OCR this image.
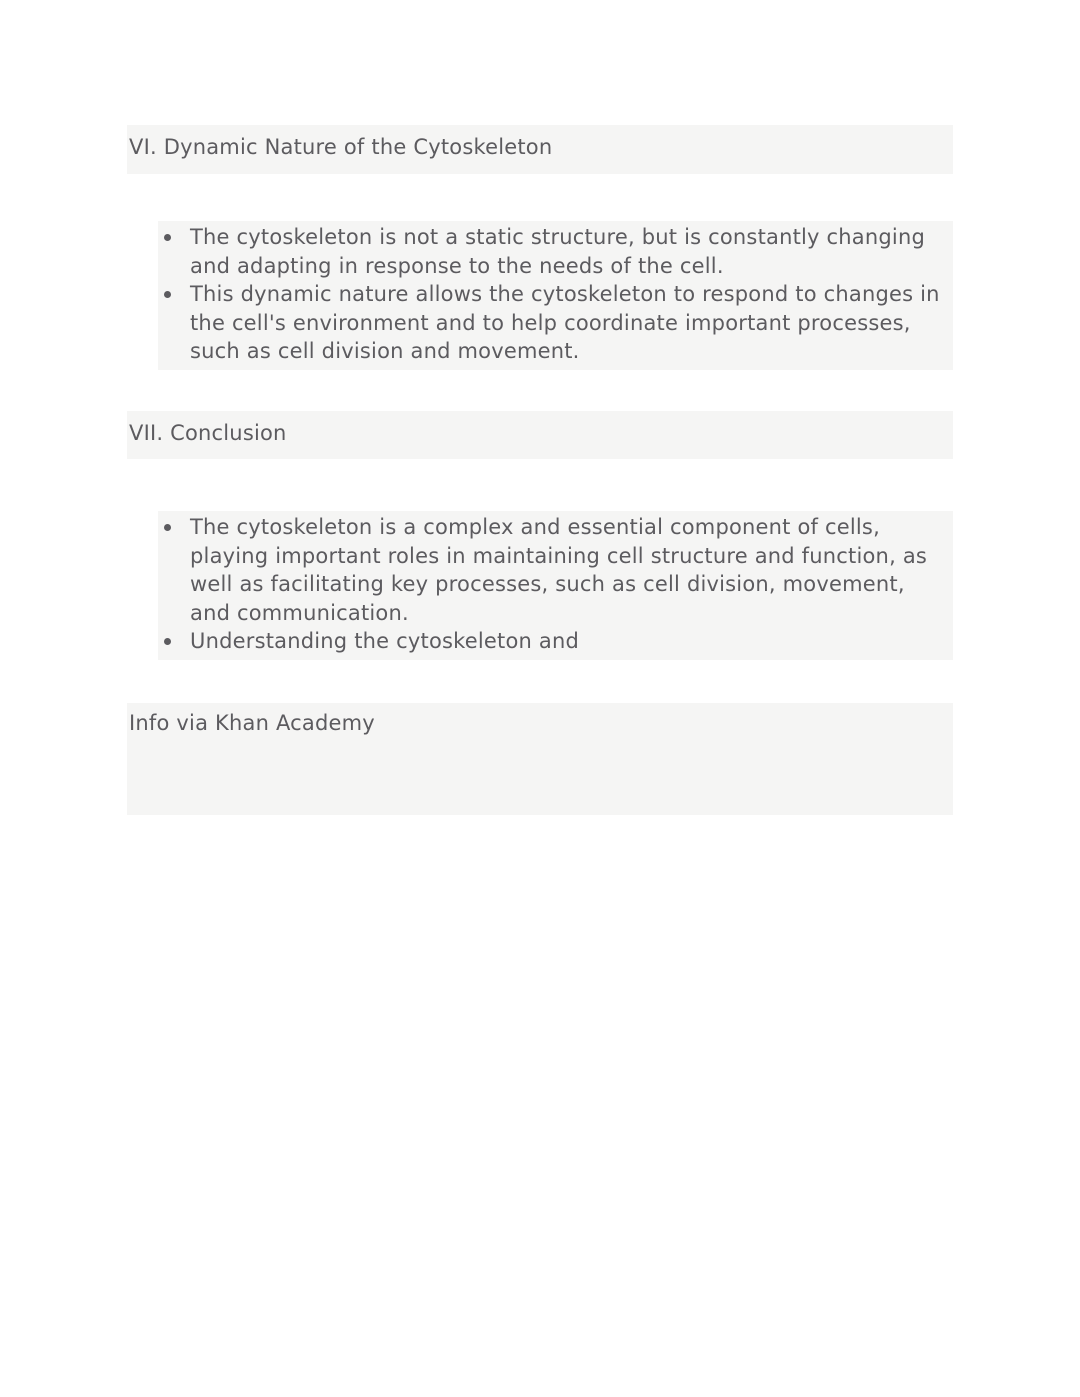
VI. Dynamic Nature of the Cytoskeleton
The cytoskeleton is not a static structure, but is constantly changing and adapting in response to the needs of the cell.
This dynamic nature allows the cytoskeleton to respond to changes in the cell's environment and to help coordinate important processes, such as cell division and movement.
VII. Conclusion
The cytoskeleton is a complex and essential component of cells, playing important roles in maintaining cell structure and function, as well as facilitating key processes, such as cell division, movement, and communication.
Understanding the cytoskeleton and
Info via Khan Academy
